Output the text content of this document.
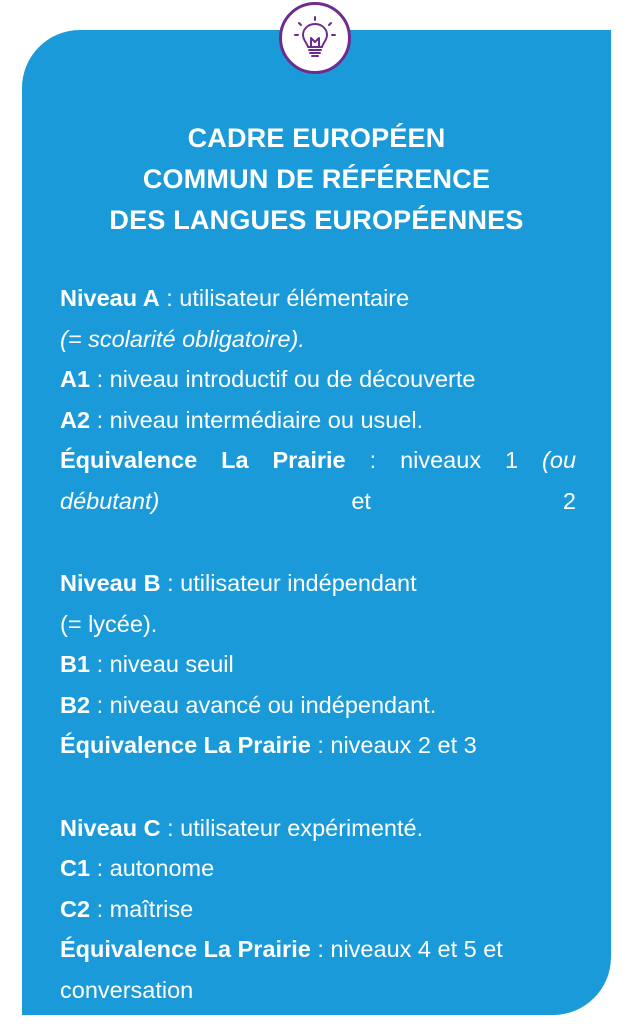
CADRE EUROPÉEN
COMMUN DE RÉFÉRENCE
DES LANGUES EUROPÉENNES
Niveau A : utilisateur élémentaire
(= scolarité obligatoire).
A1 : niveau introductif ou de découverte
A2 : niveau intermédiaire ou usuel.
Équivalence La Prairie : niveaux 1 (ou débutant) et 2
Niveau B : utilisateur indépendant
(= lycée).
B1 : niveau seuil
B2 : niveau avancé ou indépendant.
Équivalence La Prairie : niveaux 2 et 3
Niveau C : utilisateur expérimenté.
C1 : autonome
C2 : maîtrise
Équivalence La Prairie : niveaux 4 et 5 et conversation
